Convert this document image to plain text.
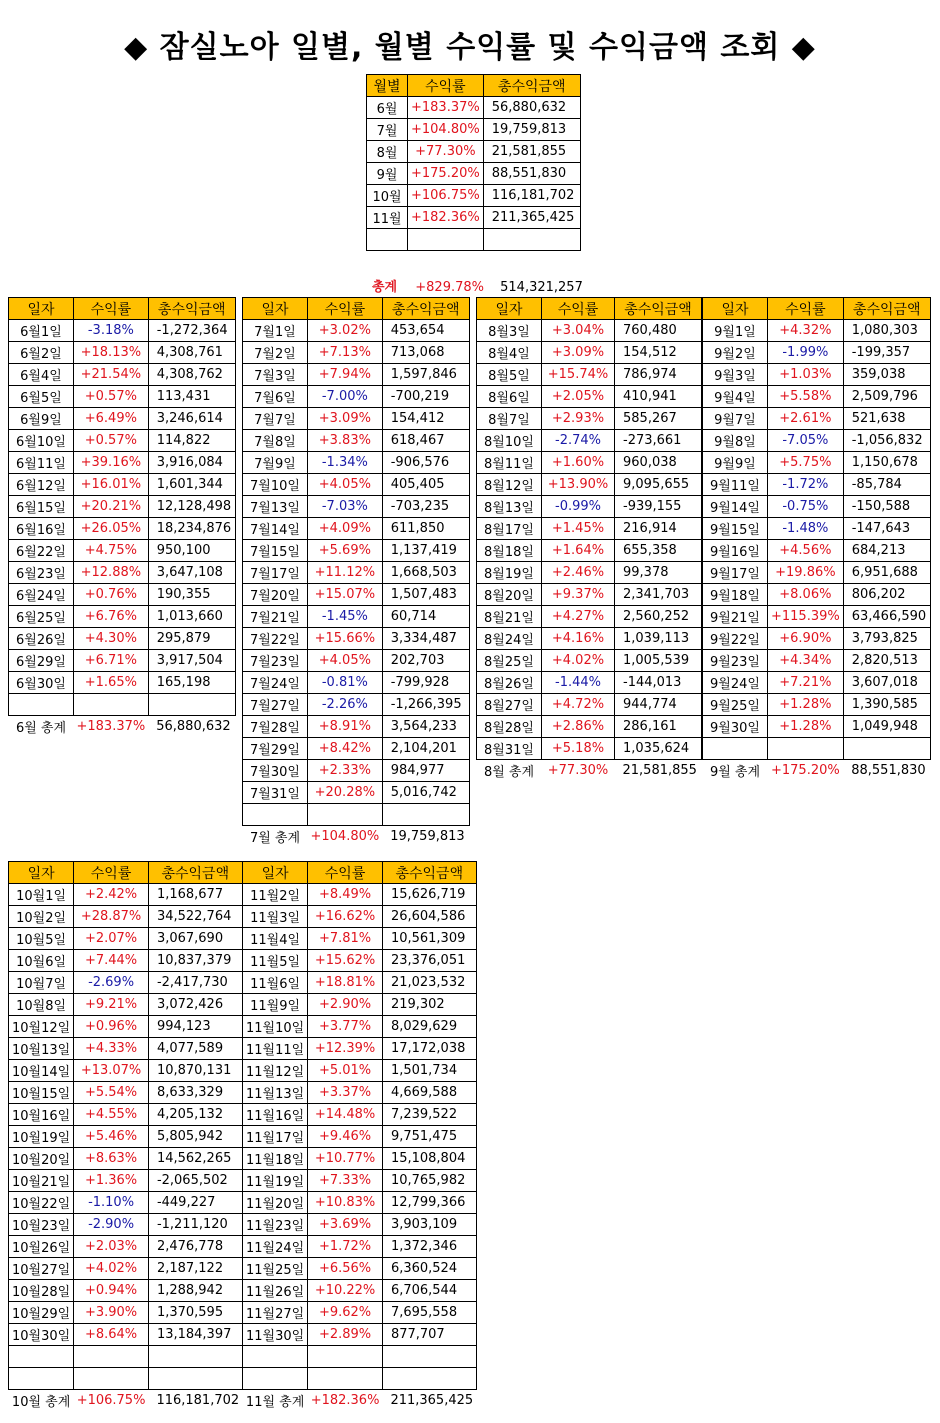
◆ 잠실노아 일별, 월별 수익률 및 수익금액 조회 ◆
월별	수익률	총수익금액
6월	+183.37%	56,880,632
7월	+104.80%	19,759,813
8월	+77.30%	21,581,855
9월	+175.20%	88,551,830
10월	+106.75%	116,181,702
11월	+182.36%	211,365,425

총계 +829.78% 514,321,257
일자	수익률	총수익금액
6월1일	-3.18%	-1,272,364
6월2일	+18.13%	4,308,761
6월4일	+21.54%	4,308,762
6월5일	+0.57%	113,431
6월9일	+6.49%	3,246,614
6월10일	+0.57%	114,822
6월11일	+39.16%	3,916,084
6월12일	+16.01%	1,601,344
6월15일	+20.21%	12,128,498
6월16일	+26.05%	18,234,876
6월22일	+4.75%	950,100
6월23일	+12.88%	3,647,108
6월24일	+0.76%	190,355
6월25일	+6.76%	1,013,660
6월26일	+4.30%	295,879
6월29일	+6.71%	3,917,504
6월30일	+1.65%	165,198

6월 총계	+183.37%	56,880,632
일자	수익률	총수익금액
7월1일	+3.02%	453,654
7월2일	+7.13%	713,068
7월3일	+7.94%	1,597,846
7월6일	-7.00%	-700,219
7월7일	+3.09%	154,412
7월8일	+3.83%	618,467
7월9일	-1.34%	-906,576
7월10일	+4.05%	405,405
7월13일	-7.03%	-703,235
7월14일	+4.09%	611,850
7월15일	+5.69%	1,137,419
7월17일	+11.12%	1,668,503
7월20일	+15.07%	1,507,483
7월21일	-1.45%	60,714
7월22일	+15.66%	3,334,487
7월23일	+4.05%	202,703
7월24일	-0.81%	-799,928
7월27일	-2.26%	-1,266,395
7월28일	+8.91%	3,564,233
7월29일	+8.42%	2,104,201
7월30일	+2.33%	984,977
7월31일	+20.28%	5,016,742

7월 총계	+104.80%	19,759,813
일자	수익률	총수익금액
8월3일	+3.04%	760,480
8월4일	+3.09%	154,512
8월5일	+15.74%	786,974
8월6일	+2.05%	410,941
8월7일	+2.93%	585,267
8월10일	-2.74%	-273,661
8월11일	+1.60%	960,038
8월12일	+13.90%	9,095,655
8월13일	-0.99%	-939,155
8월17일	+1.45%	216,914
8월18일	+1.64%	655,358
8월19일	+2.46%	99,378
8월20일	+9.37%	2,341,703
8월21일	+4.27%	2,560,252
8월24일	+4.16%	1,039,113
8월25일	+4.02%	1,005,539
8월26일	-1.44%	-144,013
8월27일	+4.72%	944,774
8월28일	+2.86%	286,161
8월31일	+5.18%	1,035,624
8월 총계	+77.30%	21,581,855
일자	수익률	총수익금액
9월1일	+4.32%	1,080,303
9월2일	-1.99%	-199,357
9월3일	+1.03%	359,038
9월4일	+5.58%	2,509,796
9월7일	+2.61%	521,638
9월8일	-7.05%	-1,056,832
9월9일	+5.75%	1,150,678
9월11일	-1.72%	-85,784
9월14일	-0.75%	-150,588
9월15일	-1.48%	-147,643
9월16일	+4.56%	684,213
9월17일	+19.86%	6,951,688
9월18일	+8.06%	806,202
9월21일	+115.39%	63,466,590
9월22일	+6.90%	3,793,825
9월23일	+4.34%	2,820,513
9월24일	+7.21%	3,607,018
9월25일	+1.28%	1,390,585
9월30일	+1.28%	1,049,948

9월 총계	+175.20%	88,551,830
일자	수익률	총수익금액
10월1일	+2.42%	1,168,677
10월2일	+28.87%	34,522,764
10월5일	+2.07%	3,067,690
10월6일	+7.44%	10,837,379
10월7일	-2.69%	-2,417,730
10월8일	+9.21%	3,072,426
10월12일	+0.96%	994,123
10월13일	+4.33%	4,077,589
10월14일	+13.07%	10,870,131
10월15일	+5.54%	8,633,329
10월16일	+4.55%	4,205,132
10월19일	+5.46%	5,805,942
10월20일	+8.63%	14,562,265
10월21일	+1.36%	-2,065,502
10월22일	-1.10%	-449,227
10월23일	-2.90%	-1,211,120
10월26일	+2.03%	2,476,778
10월27일	+4.02%	2,187,122
10월28일	+0.94%	1,288,942
10월29일	+3.90%	1,370,595
10월30일	+8.64%	13,184,397

10월 총계	+106.75%	116,181,702
일자	수익률	총수익금액
11월2일	+8.49%	15,626,719
11월3일	+16.62%	26,604,586
11월4일	+7.81%	10,561,309
11월5일	+15.62%	23,376,051
11월6일	+18.81%	21,023,532
11월9일	+2.90%	219,302
11월10일	+3.77%	8,029,629
11월11일	+12.39%	17,172,038
11월12일	+5.01%	1,501,734
11월13일	+3.37%	4,669,588
11월16일	+14.48%	7,239,522
11월17일	+9.46%	9,751,475
11월18일	+10.77%	15,108,804
11월19일	+7.33%	10,765,982
11월20일	+10.83%	12,799,366
11월23일	+3.69%	3,903,109
11월24일	+1.72%	1,372,346
11월25일	+6.56%	6,360,524
11월26일	+10.22%	6,706,544
11월27일	+9.62%	7,695,558
11월30일	+2.89%	877,707

11월 총계	+182.36%	211,365,425
